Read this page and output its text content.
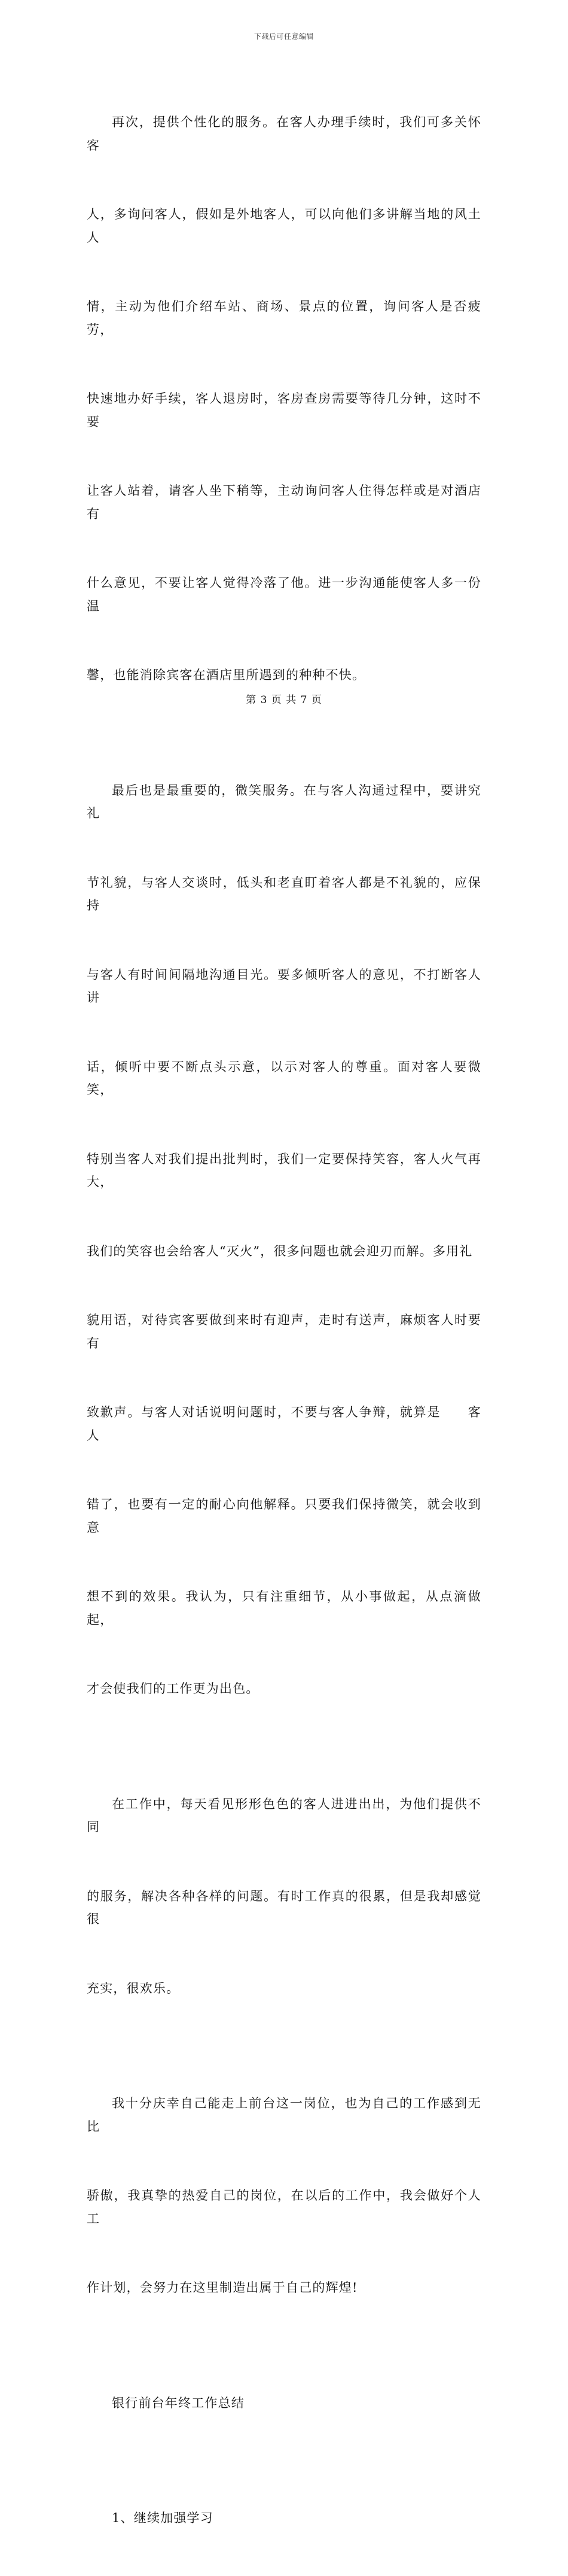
下载后可任意编辑

再次，提供个性化的服务。在客人办理手续时，我们可多关怀客

人，多询问客人，假如是外地客人，可以向他们多讲解当地的风土人

情，主动为他们介绍车站、商场、景点的位置，询问客人是否疲劳，

快速地办好手续，客人退房时，客房查房需要等待几分钟，这时不要

让客人站着，请客人坐下稍等，主动询问客人住得怎样或是对酒店有

什么意见，不要让客人觉得冷落了他。进一步沟通能使客人多一份温

馨，也能消除宾客在酒店里所遇到的种种不快。

最后也是最重要的，微笑服务。在与客人沟通过程中，要讲究礼

节礼貌，与客人交谈时，低头和老直盯着客人都是不礼貌的，应保持

与客人有时间间隔地沟通目光。要多倾听客人的意见，不打断客人讲

话，倾听中要不断点头示意，以示对客人的尊重。面对客人要微笑，

特别当客人对我们提出批判时，我们一定要保持笑容，客人火气再大，

我们的笑容也会给客人“灭火”，很多问题也就会迎刃而解。多用礼

貌用语，对待宾客要做到来时有迎声，走时有送声，麻烦客人时要有

致歉声。与客人对话说明问题时，不要与客人争辩，就算是　　客人

错了，也要有一定的耐心向他解释。只要我们保持微笑，就会收到意

想不到的效果。我认为，只有注重细节，从小事做起，从点滴做起，

才会使我们的工作更为出色。

在工作中，每天看见形形色色的客人进进出出，为他们提供不同

的服务，解决各种各样的问题。有时工作真的很累，但是我却感觉很

充实，很欢乐。

我十分庆幸自己能走上前台这一岗位，也为自己的工作感到无比

骄傲，我真挚的热爱自己的岗位，在以后的工作中，我会做好个人工

作计划，会努力在这里制造出属于自己的辉煌!

银行前台年终工作总结

1、继续加强学习

第 3 页 共 7 页
